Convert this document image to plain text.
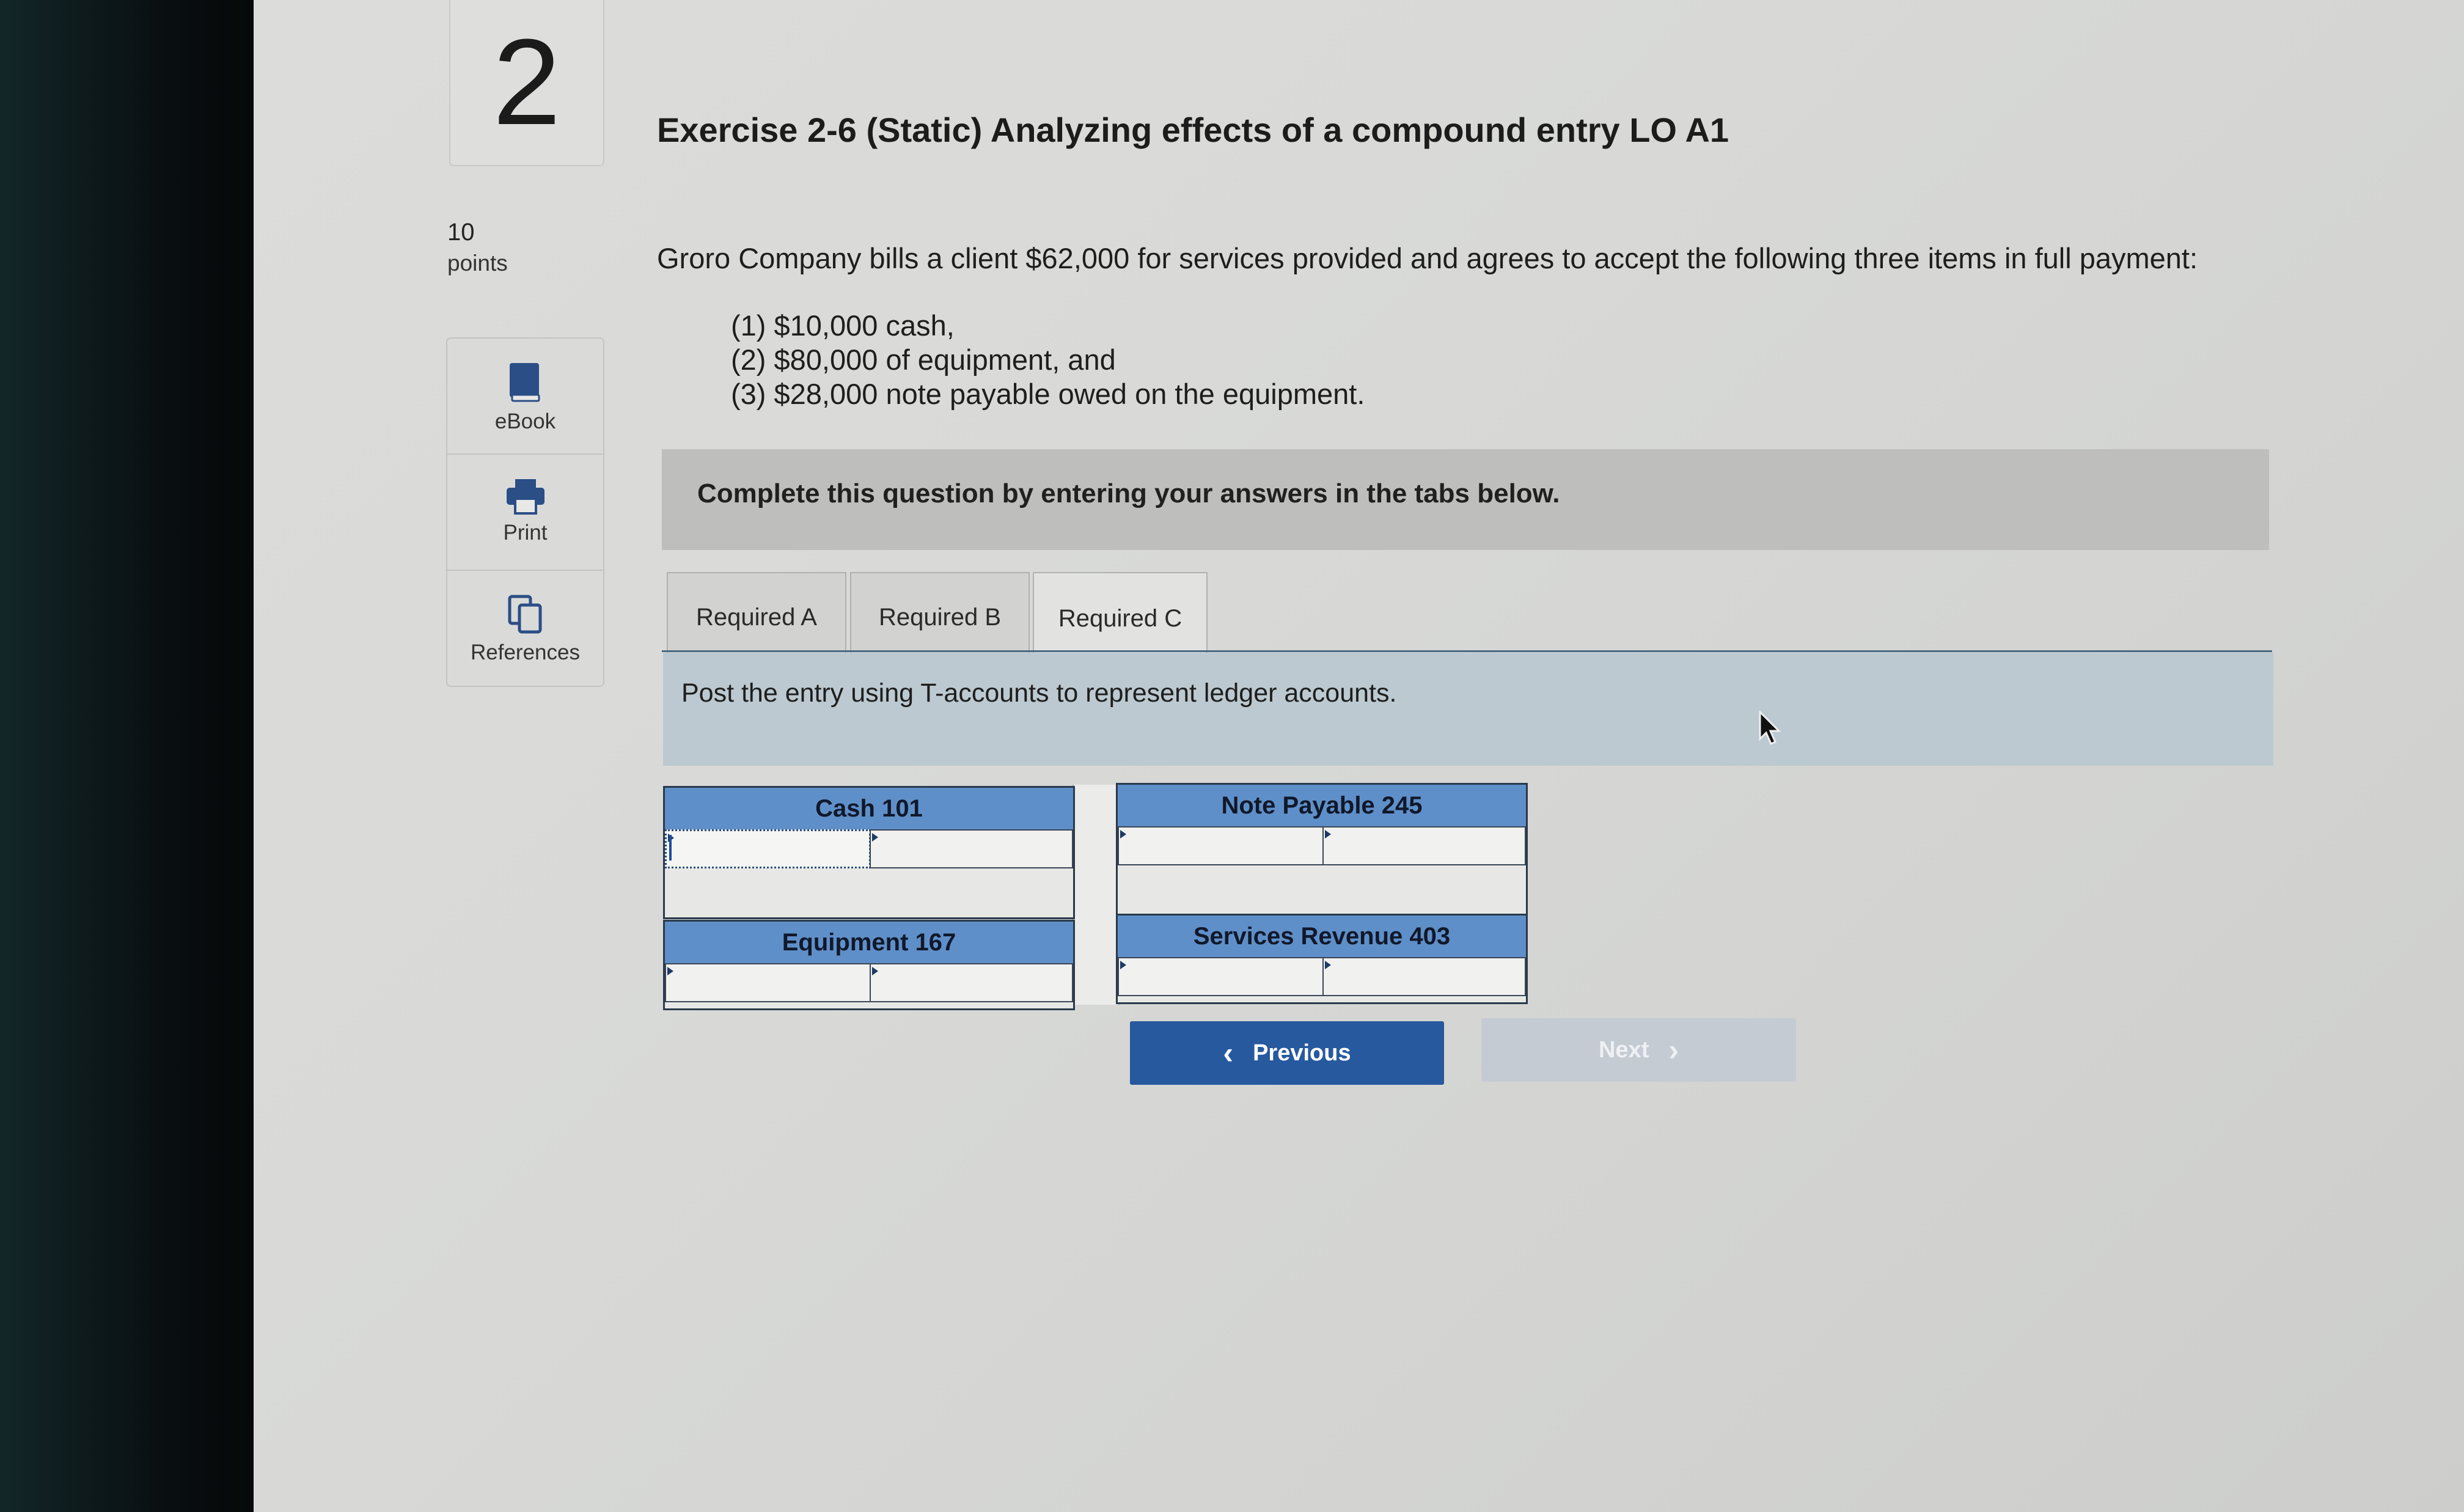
2
10
points
eBook
Print
References
Exercise 2-6 (Static) Analyzing effects of a compound entry LO A1
Groro Company bills a client $62,000 for services provided and agrees to accept the following three items in full payment:
(1) $10,000 cash,
(2) $80,000 of equipment, and
(3) $28,000 note payable owed on the equipment.
Complete this question by entering your answers in the tabs below.
Required A	Required B	Required C
Post the entry using T-accounts to represent ledger accounts.
Cash 101	Note Payable 245
Equipment 167	Services Revenue 403
‹ Previous	Next ›
